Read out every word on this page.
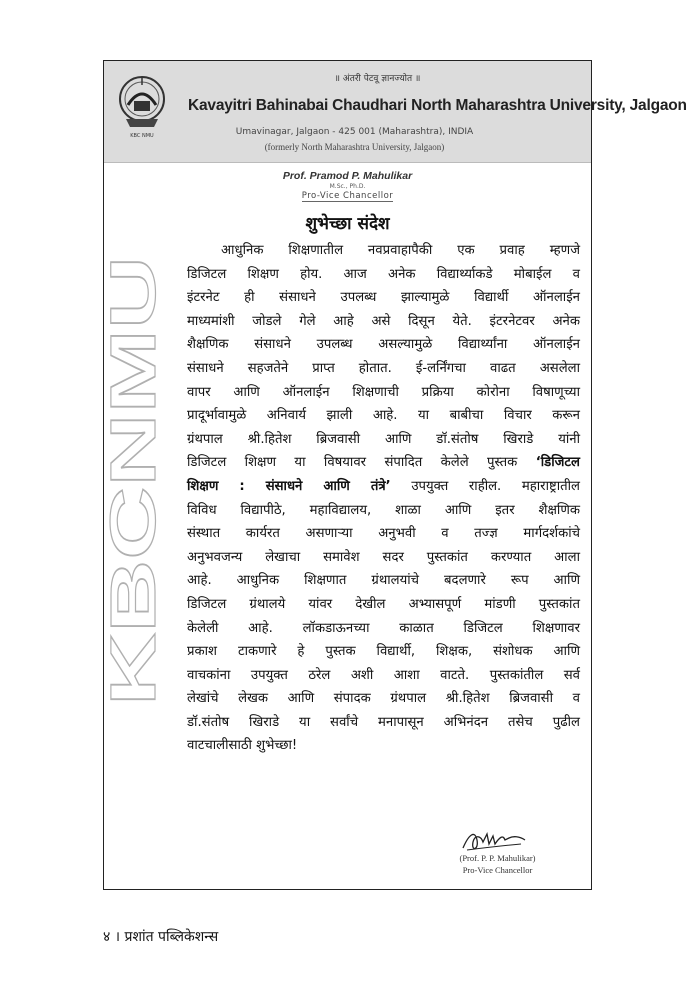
KBC NMU
॥ अंतरी पेटवू ज्ञानज्योत ॥
Kavayitri Bahinabai Chaudhari North Maharashtra University, Jalgaon
Umavinagar, Jalgaon - 425 001 (Maharashtra), INDIA
(formerly North Maharashtra University, Jalgaon)
Prof. Pramod P. Mahulikar
M.Sc., Ph.D.
Pro-Vice Chancellor
KBCNMU
शुभेच्छा संदेश
आधुनिक शिक्षणातील नवप्रवाहापैकी एक प्रवाह म्हणजे
डिजिटल शिक्षण होय. आज अनेक विद्यार्थ्याकडे मोबाईल व
इंटरनेट ही संसाधने उपलब्ध झाल्यामुळे विद्यार्थी ऑनलाईन
माध्यमांशी जोडले गेले आहे असे दिसून येते. इंटरनेटवर अनेक
शैक्षणिक संसाधने उपलब्ध असल्यामुळे विद्यार्थ्यांना ऑनलाईन
संसाधने सहजतेने प्राप्त होतात. ई-लर्निंगचा वाढत असलेला
वापर आणि ऑनलाईन शिक्षणाची प्रक्रिया कोरोना विषाणूच्या
प्रादूर्भावामुळे अनिवार्य झाली आहे. या बाबीचा विचार करून
ग्रंथपाल श्री.हितेश ब्रिजवासी आणि डॉ.संतोष खिराडे यांनी
डिजिटल शिक्षण या विषयावर संपादित केलेले पुस्तक ‘डिजिटल
शिक्षण : संसाधने आणि तंत्रे’ उपयुक्त राहील. महाराष्ट्रातील
विविध विद्यापीठे, महाविद्यालय, शाळा आणि इतर शैक्षणिक
संस्थात कार्यरत असणाऱ्या अनुभवी व तज्ज्ञ मार्गदर्शकांचे
अनुभवजन्य लेखाचा समावेश सदर पुस्तकांत करण्यात आला
आहे. आधुनिक शिक्षणात ग्रंथालयांचे बदलणारे रूप आणि
डिजिटल ग्रंथालये यांवर देखील अभ्यासपूर्ण मांडणी पुस्तकांत
केलेली आहे. लॉकडाऊनच्या काळात डिजिटल शिक्षणावर
प्रकाश टाकणारे हे पुस्तक विद्यार्थी, शिक्षक, संशोधक आणि
वाचकांना उपयुक्त ठरेल अशी आशा वाटते. पुस्तकांतील सर्व
लेखांचे लेखक आणि संपादक ग्रंथपाल श्री.हितेश ब्रिजवासी व
डॉ.संतोष खिराडे या सर्वांचे मनापासून अभिनंदन तसेच पुढील
वाटचालीसाठी शुभेच्छा!
(Prof. P. P. Mahulikar)
Pro-Vice Chancellor
४ । प्रशांत पब्लिकेशन्स
